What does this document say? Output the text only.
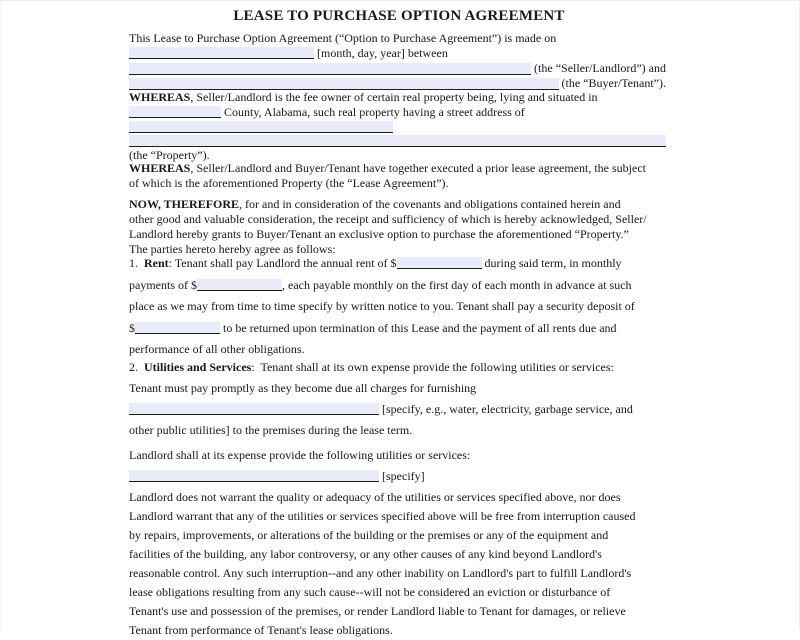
LEASE TO PURCHASE OPTION AGREEMENT
This Lease to Purchase Option Agreement (“Option to Purchase Agreement”) is made on
[month, day, year] between
(the “Seller/Landlord”) and
(the “Buyer/Tenant”).
WHEREAS, Seller/Landlord is the fee owner of certain real property being, lying and situated in
County, Alabama, such real property having a street address of
(the “Property”).
WHEREAS, Seller/Landlord and Buyer/Tenant have together executed a prior lease agreement, the subject
of which is the aforementioned Property (the “Lease Agreement”).
NOW, THEREFORE, for and in consideration of the covenants and obligations contained herein and
other good and valuable consideration, the receipt and sufficiency of which is hereby acknowledged, Seller/
Landlord hereby grants to Buyer/Tenant an exclusive option to purchase the aforementioned “Property.”
The parties hereto hereby agree as follows:
1.  Rent: Tenant shall pay Landlord the annual rent of $	during said term, in monthly
payments of $	, each payable monthly on the first day of each month in advance at such
place as we may from time to time specify by written notice to you. Tenant shall pay a security deposit of
$	to be returned upon termination of this Lease and the payment of all rents due and
performance of all other obligations.
2.  Utilities and Services:  Tenant shall at its own expense provide the following utilities or services:
Tenant must pay promptly as they become due all charges for furnishing
[specify, e.g., water, electricity, garbage service, and
other public utilities] to the premises during the lease term.
Landlord shall at its expense provide the following utilities or services:
[specify]
Landlord does not warrant the quality or adequacy of the utilities or services specified above, nor does
Landlord warrant that any of the utilities or services specified above will be free from interruption caused
by repairs, improvements, or alterations of the building or the premises or any of the equipment and
facilities of the building, any labor controversy, or any other causes of any kind beyond Landlord's
reasonable control. Any such interruption--and any other inability on Landlord's part to fulfill Landlord's
lease obligations resulting from any such cause--will not be considered an eviction or disturbance of
Tenant's use and possession of the premises, or render Landlord liable to Tenant for damages, or relieve
Tenant from performance of Tenant's lease obligations.
